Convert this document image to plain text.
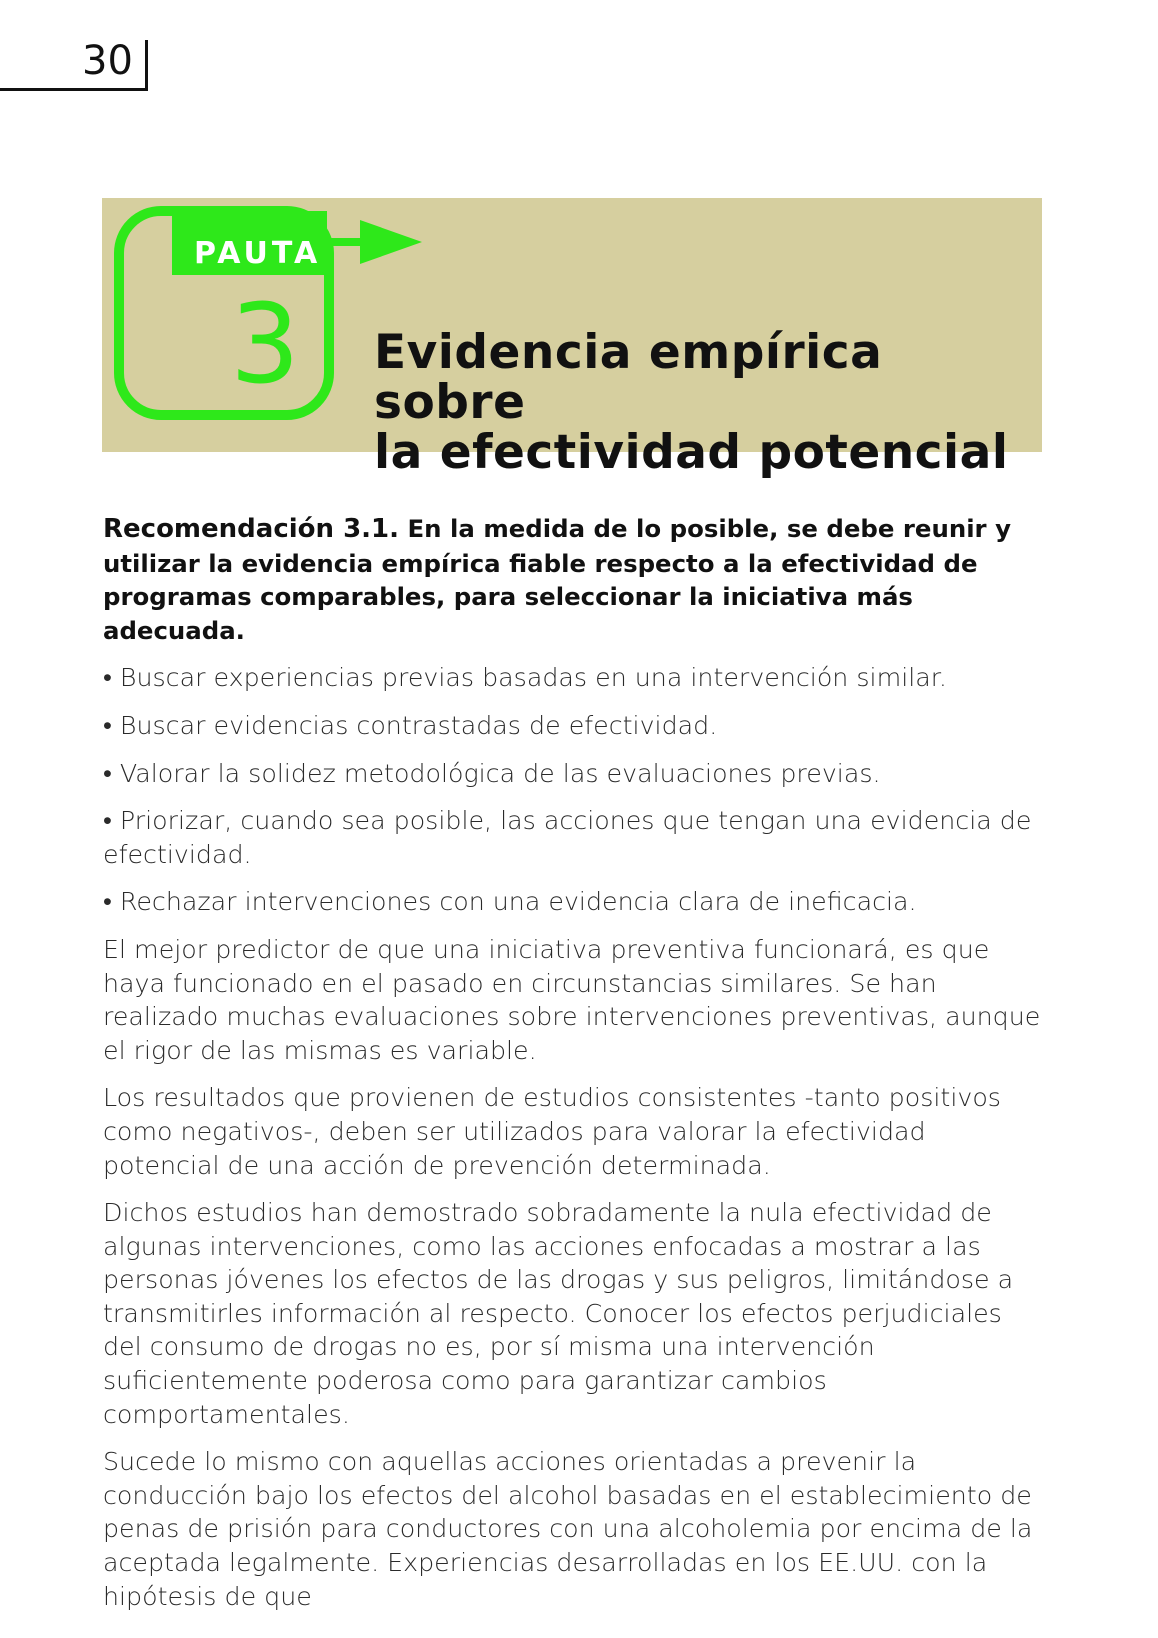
30
PAUTA
3	Evidencia empírica sobre
la efectividad potencial

Recomendación 3.1. En la medida de lo posible, se debe reunir y utilizar la evidencia empírica fiable respecto a la efectividad de programas comparables, para seleccionar la iniciativa más adecuada.

• Buscar experiencias previas basadas en una intervención similar.
• Buscar evidencias contrastadas de efectividad.
• Valorar la solidez metodológica de las evaluaciones previas.
• Priorizar, cuando sea posible, las acciones que tengan una evidencia de efectividad.
• Rechazar intervenciones con una evidencia clara de ineficacia.

El mejor predictor de que una iniciativa preventiva funcionará, es que haya funcionado en el pasado en circunstancias similares. Se han realizado muchas evaluaciones sobre intervenciones preventivas, aunque el rigor de las mismas es variable.

Los resultados que provienen de estudios consistentes -tanto positivos como negativos-, deben ser utilizados para valorar la efectividad potencial de una acción de prevención determinada.

Dichos estudios han demostrado sobradamente la nula efectividad de algunas intervenciones, como las acciones enfocadas a mostrar a las personas jóvenes los efectos de las drogas y sus peligros, limitándose a transmitirles información al respecto. Conocer los efectos perjudiciales del consumo de drogas no es, por sí misma una intervención suficientemente poderosa como para garantizar cambios comportamentales.

Sucede lo mismo con aquellas acciones orientadas a prevenir la conducción bajo los efectos del alcohol basadas en el establecimiento de penas de prisión para conductores con una alcoholemia por encima de la aceptada legalmente. Experiencias desarrolladas en los EE.UU. con la hipótesis de que
